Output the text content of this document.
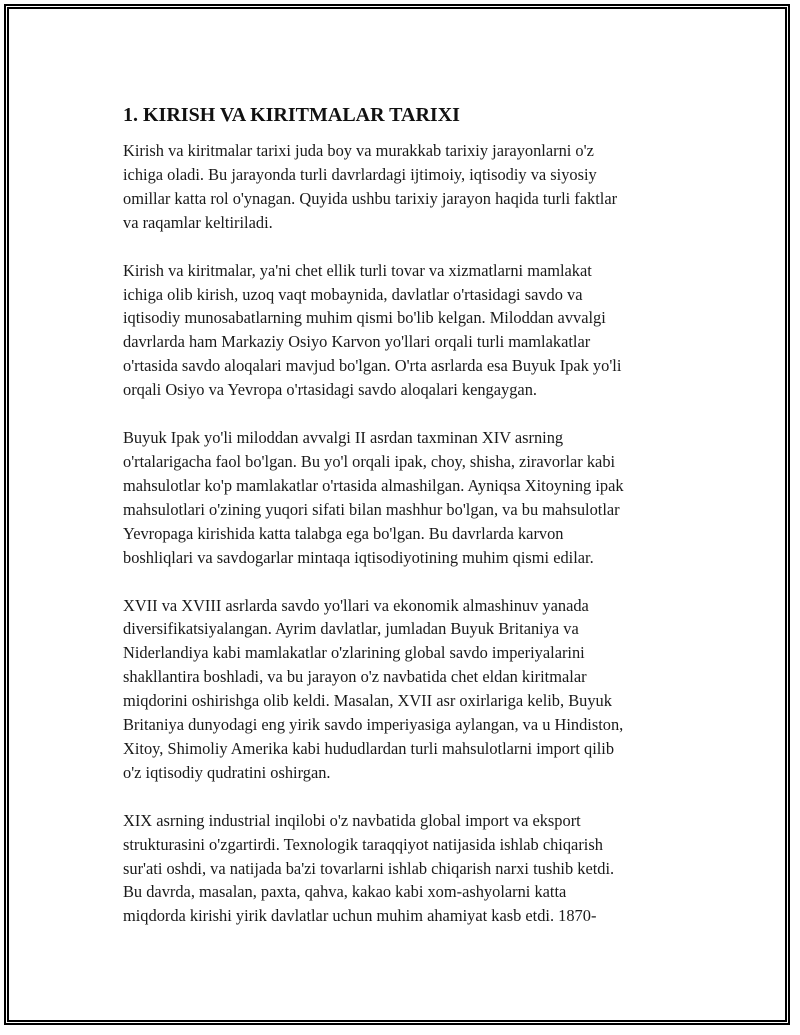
1. KIRISH VA KIRITMALAR TARIXI
Kirish va kiritmalar tarixi juda boy va murakkab tarixiy jarayonlarni o'z
ichiga oladi. Bu jarayonda turli davrlardagi ijtimoiy, iqtisodiy va siyosiy
omillar katta rol o'ynagan. Quyida ushbu tarixiy jarayon haqida turli faktlar
va raqamlar keltiriladi.
Kirish va kiritmalar, ya'ni chet ellik turli tovar va xizmatlarni mamlakat
ichiga olib kirish, uzoq vaqt mobaynida, davlatlar o'rtasidagi savdo va
iqtisodiy munosabatlarning muhim qismi bo'lib kelgan. Miloddan avvalgi
davrlarda ham Markaziy Osiyo Karvon yo'llari orqali turli mamlakatlar
o'rtasida savdo aloqalari mavjud bo'lgan. O'rta asrlarda esa Buyuk Ipak yo'li
orqali Osiyo va Yevropa o'rtasidagi savdo aloqalari kengaygan.
Buyuk Ipak yo'li miloddan avvalgi II asrdan taxminan XIV asrning
o'rtalarigacha faol bo'lgan. Bu yo'l orqali ipak, choy, shisha, ziravorlar kabi
mahsulotlar ko'p mamlakatlar o'rtasida almashilgan. Ayniqsa Xitoyning ipak
mahsulotlari o'zining yuqori sifati bilan mashhur bo'lgan, va bu mahsulotlar
Yevropaga kirishida katta talabga ega bo'lgan. Bu davrlarda karvon
boshliqlari va savdogarlar mintaqa iqtisodiyotining muhim qismi edilar.
XVII va XVIII asrlarda savdo yo'llari va ekonomik almashinuv yanada
diversifikatsiyalangan. Ayrim davlatlar, jumladan Buyuk Britaniya va
Niderlandiya kabi mamlakatlar o'zlarining global savdo imperiyalarini
shakllantira boshladi, va bu jarayon o'z navbatida chet eldan kiritmalar
miqdorini oshirishga olib keldi. Masalan, XVII asr oxirlariga kelib, Buyuk
Britaniya dunyodagi eng yirik savdo imperiyasiga aylangan, va u Hindiston,
Xitoy, Shimoliy Amerika kabi hududlardan turli mahsulotlarni import qilib
o'z iqtisodiy qudratini oshirgan.
XIX asrning industrial inqilobi o'z navbatida global import va eksport
strukturasini o'zgartirdi. Texnologik taraqqiyot natijasida ishlab chiqarish
sur'ati oshdi, va natijada ba'zi tovarlarni ishlab chiqarish narxi tushib ketdi.
Bu davrda, masalan, paxta, qahva, kakao kabi xom-ashyolarni katta
miqdorda kirishi yirik davlatlar uchun muhim ahamiyat kasb etdi. 1870-
